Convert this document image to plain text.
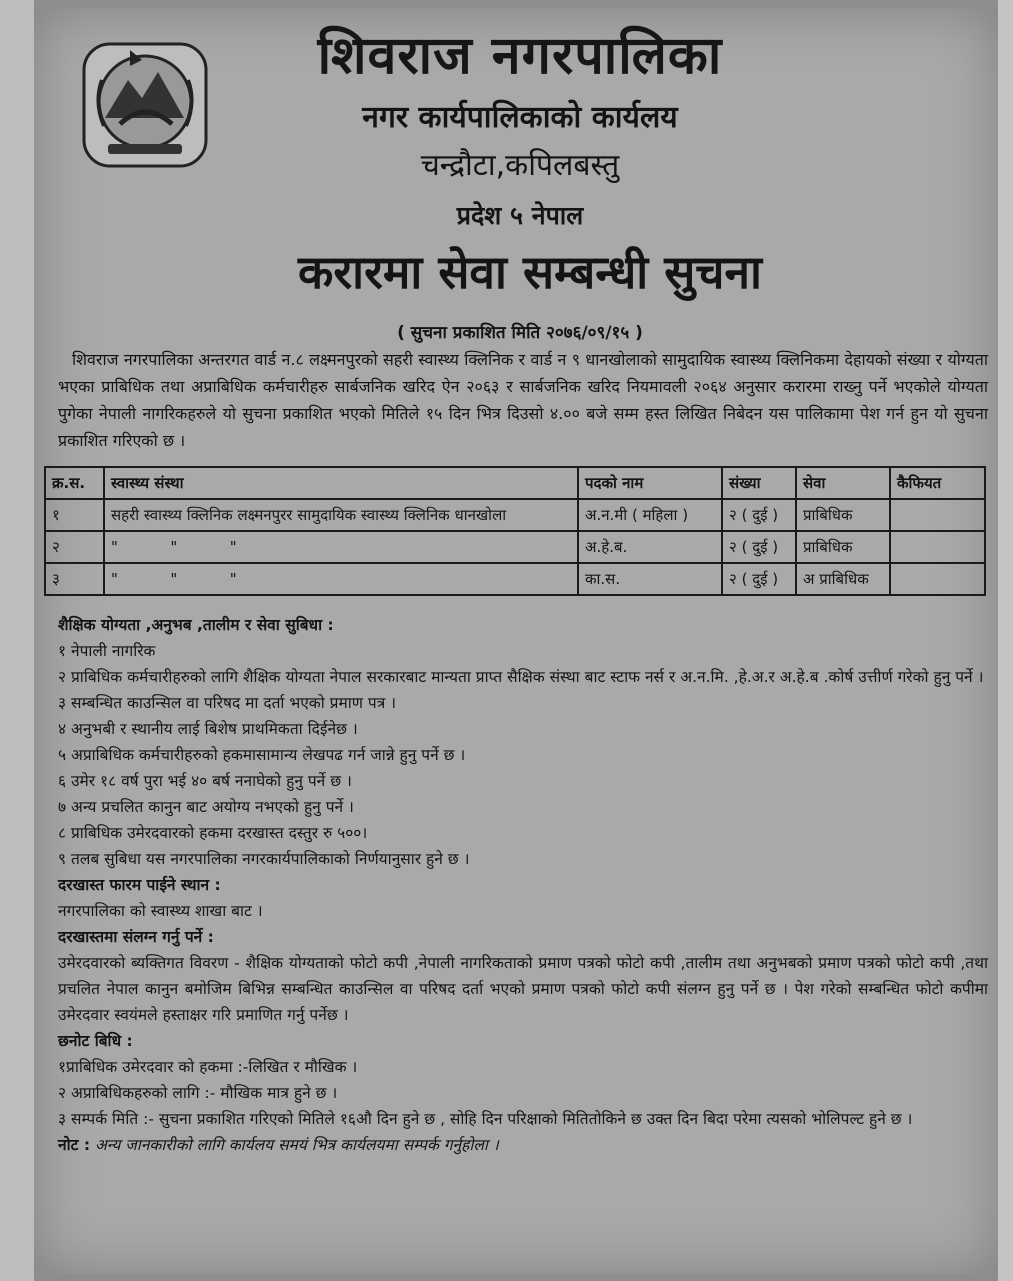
शिवराज नगरपालिका
नगर कार्यपालिकाको कार्यलय
चन्द्रौटा,कपिलबस्तु
प्रदेश ५ नेपाल
करारमा सेवा सम्बन्धी सुचना
( सुचना प्रकाशित मिति २०७६/०९/१५ )
शिवराज नगरपालिका अन्तरगत वार्ड न.८ लक्ष्मनपुरको सहरी स्वास्थ्य क्लिनिक र वार्ड न ९ धानखोलाको सामुदायिक स्वास्थ्य क्लिनिकमा देहायको संख्या र योग्यता भएका प्राबिधिक तथा अप्राबिधिक कर्मचारीहरु सार्बजनिक खरिद ऐन २०६३ र सार्बजनिक खरिद नियमावली २०६४ अनुसार करारमा राख्नु पर्ने भएकोले योग्यता पुगेका नेपाली नागरिकहरुले यो सुचना प्रकाशित भएको मितिले १५ दिन भित्र दिउसो ४.०० बजे सम्म हस्त लिखित निबेदन यस पालिकामा पेश गर्न हुन यो सुचना प्रकाशित गरिएको छ ।
क्र.स.	स्वास्थ्य संस्था	पदको नाम	संख्या	सेवा	कैफियत
१	सहरी स्वास्थ्य क्लिनिक लक्ष्मनपुरर सामुदायिक स्वास्थ्य क्लिनिक धानखोला	अ.न.मी ( महिला )	२ ( दुई )	प्राबिधिक	
२	"           "           "	अ.हे.ब.	२ ( दुई )	प्राबिधिक	
३	"           "           "	का.स.	२ ( दुई )	अ प्राबिधिक	
शैक्षिक योग्यता ,अनुभब ,तालीम र सेवा सुबिधा :
१ नेपाली नागरिक
२ प्राबिधिक कर्मचारीहरुको लागि शैक्षिक योग्यता नेपाल सरकारबाट मान्यता प्राप्त सैक्षिक संस्था बाट स्टाफ नर्स र अ.न.मि. ,हे.अ.र अ.हे.ब .कोर्ष उत्तीर्ण गरेको हुनु पर्ने ।
३ सम्बन्धित काउन्सिल वा परिषद मा दर्ता भएको प्रमाण पत्र ।
४ अनुभबी र स्थानीय लाई बिशेष प्राथमिकता दिईनेछ ।
५ अप्राबिधिक कर्मचारीहरुको हकमासामान्य लेखपढ गर्न जान्ने हुनु पर्ने छ ।
६ उमेर १८ वर्ष पुरा भई ४० बर्ष ननाघेको हुनु पर्ने छ ।
७ अन्य प्रचलित कानुन बाट अयोग्य नभएको हुनु पर्ने ।
८ प्राबिधिक उमेरदवारको हकमा दरखास्त दस्तुर रु ५००।
९ तलब सुबिधा यस नगरपालिका नगरकार्यपालिकाको निर्णयानुसार हुने छ ।
दरखास्त फारम पाईने स्थान :
नगरपालिका को स्वास्थ्य शाखा बाट ।
दरखास्तमा संलग्न गर्नु पर्ने :
उमेरदवारको ब्यक्तिगत विवरण - शैक्षिक योग्यताको फोटो कपी ,नेपाली नागरिकताको प्रमाण पत्रको फोटो कपी ,तालीम तथा अनुभबको प्रमाण पत्रको फोटो कपी ,तथा प्रचलित नेपाल कानुन बमोजिम बिभिन्न सम्बन्धित काउन्सिल वा परिषद दर्ता भएको प्रमाण पत्रको फोटो कपी संलग्न हुनु पर्ने छ । पेश गरेको सम्बन्धित फोटो कपीमा उमेरदवार स्वयंमले हस्ताक्षर गरि प्रमाणित गर्नु पर्नेछ ।
छनोट बिधि :
१प्राबिधिक उमेरदवार को हकमा :-लिखित र मौखिक ।
२ अप्राबिधिकहरुको लागि :- मौखिक मात्र हुने छ ।
३ सम्पर्क मिति :- सुचना प्रकाशित गरिएको मितिले १६औ दिन हुने छ , सोहि दिन परिक्षाको मितितोकिने छ उक्त दिन बिदा परेमा त्यसको भोलिपल्ट हुने छ ।
नोट : अन्य जानकारीको लागि कार्यलय समयं भित्र कार्यलयमा सम्पर्क गर्नुहोला ।
